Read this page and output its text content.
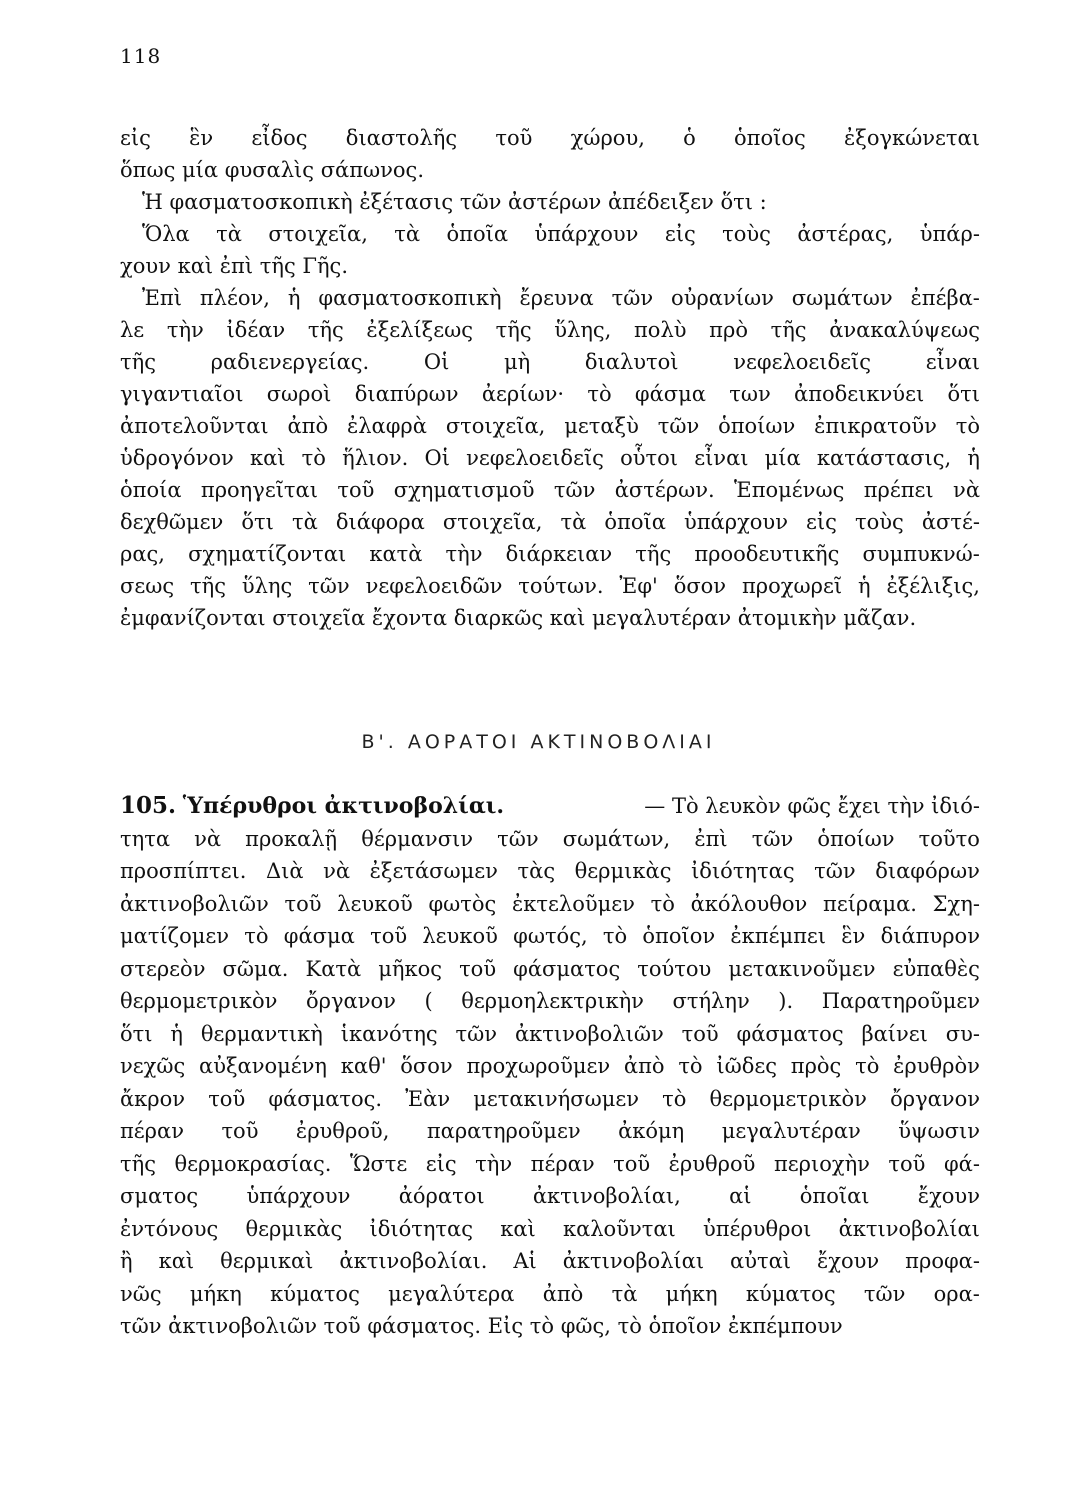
118
εἰς ἓν εἶδος διαστολῆς τοῦ χώρου, ὁ ὁποῖος ἐξογκώνεται
ὅπως μία φυσαλὶς σάπωνος.
Ἡ φασματοσκοπικὴ ἐξέτασις τῶν ἀστέρων ἀπέδειξεν ὅτι :
Ὅλα τὰ στοιχεῖα, τὰ ὁποῖα ὑπάρχουν εἰς τοὺς ἀστέρας, ὑπάρ-
χουν καὶ ἐπὶ τῆς Γῆς.
Ἐπὶ πλέον, ἡ φασματοσκοπικὴ ἔρευνα τῶν οὐρανίων σωμάτων ἐπέβα-
λε τὴν ἰδέαν τῆς ἐξελίξεως τῆς ὕλης, πολὺ πρὸ τῆς ἀνακαλύψεως
τῆς	ραδιενεργείας.	Οἱ	μὴ	διαλυτοὶ	νεφελοειδεῖς	εἶναι
γιγαντιαῖοι σωροὶ διαπύρων ἀερίων· τὸ φάσμα των ἀποδεικνύει ὅτι
ἀποτελοῦνται ἀπὸ ἐλαφρὰ στοιχεῖα, μεταξὺ τῶν ὁποίων ἐπικρατοῦν τὸ
ὑδρογόνον καὶ τὸ ἥλιον. Οἱ νεφελοειδεῖς οὗτοι εἶναι μία κατάστασις, ἡ
ὁποία προηγεῖται τοῦ σχηματισμοῦ τῶν ἀστέρων. Ἑπομένως πρέπει νὰ
δεχθῶμεν ὅτι τὰ διάφορα στοιχεῖα, τὰ ὁποῖα ὑπάρχουν εἰς τοὺς ἀστέ-
ρας, σχηματίζονται κατὰ τὴν διάρκειαν τῆς προοδευτικῆς συμπυκνώ-
σεως τῆς ὕλης τῶν νεφελοειδῶν τούτων. Ἐφ' ὅσον προχωρεῖ ἡ ἐξέλιξις,
ἐμφανίζονται στοιχεῖα ἔχοντα διαρκῶς καὶ μεγαλυτέραν ἀτομικὴν μᾶζαν.
Β'. ΑΟΡΑΤΟΙ ΑΚΤΙΝΟΒΟΛΙΑΙ
105. Ὑπέρυθροι ἀκτινοβολίαι.	— Τὸ λευκὸν φῶς ἔχει τὴν ἰδιό-
τητα νὰ προκαλῇ θέρμανσιν τῶν σωμάτων, ἐπὶ τῶν ὁποίων τοῦτο
προσπίπτει. Διὰ νὰ ἐξετάσωμεν τὰς θερμικὰς ἰδιότητας τῶν διαφόρων
ἀκτινοβολιῶν τοῦ λευκοῦ φωτὸς ἐκτελοῦμεν τὸ ἀκόλουθον πείραμα. Σχη-
ματίζομεν τὸ φάσμα τοῦ λευκοῦ φωτός, τὸ ὁποῖον ἐκπέμπει ἓν διάπυρον
στερεὸν σῶμα. Κατὰ μῆκος τοῦ φάσματος τούτου μετακινοῦμεν εὐπαθὲς
θερμομετρικὸν ὄργανον ( θερμοηλεκτρικὴν στήλην ). Παρατηροῦμεν
ὅτι ἡ θερμαντικὴ ἱκανότης τῶν ἀκτινοβολιῶν τοῦ φάσματος βαίνει συ-
νεχῶς αὐξανομένη καθ' ὅσον προχωροῦμεν ἀπὸ τὸ ἰῶδες πρὸς τὸ ἐρυθρὸν
ἄκρον τοῦ φάσματος. Ἐὰν μετακινήσωμεν τὸ θερμομετρικὸν ὄργανον
πέραν τοῦ ἐρυθροῦ, παρατηροῦμεν ἀκόμη μεγαλυτέραν ὕψωσιν
τῆς θερμοκρασίας. Ὥστε εἰς τὴν πέραν τοῦ ἐρυθροῦ περιοχὴν τοῦ φά-
σματος ὑπάρχουν ἀόρατοι ἀκτινοβολίαι, αἱ ὁποῖαι ἔχουν
ἐντόνους θερμικὰς ἰδιότητας καὶ καλοῦνται ὑπέρυθροι ἀκτινοβολίαι
ἢ καὶ θερμικαὶ ἀκτινοβολίαι. Αἱ ἀκτινοβολίαι αὐταὶ ἔχουν προφα-
νῶς μήκη κύματος μεγαλύτερα ἀπὸ τὰ μήκη κύματος τῶν ορα-
τῶν ἀκτινοβολιῶν τοῦ φάσματος. Εἰς τὸ φῶς, τὸ ὁποῖον ἐκπέμπουν
